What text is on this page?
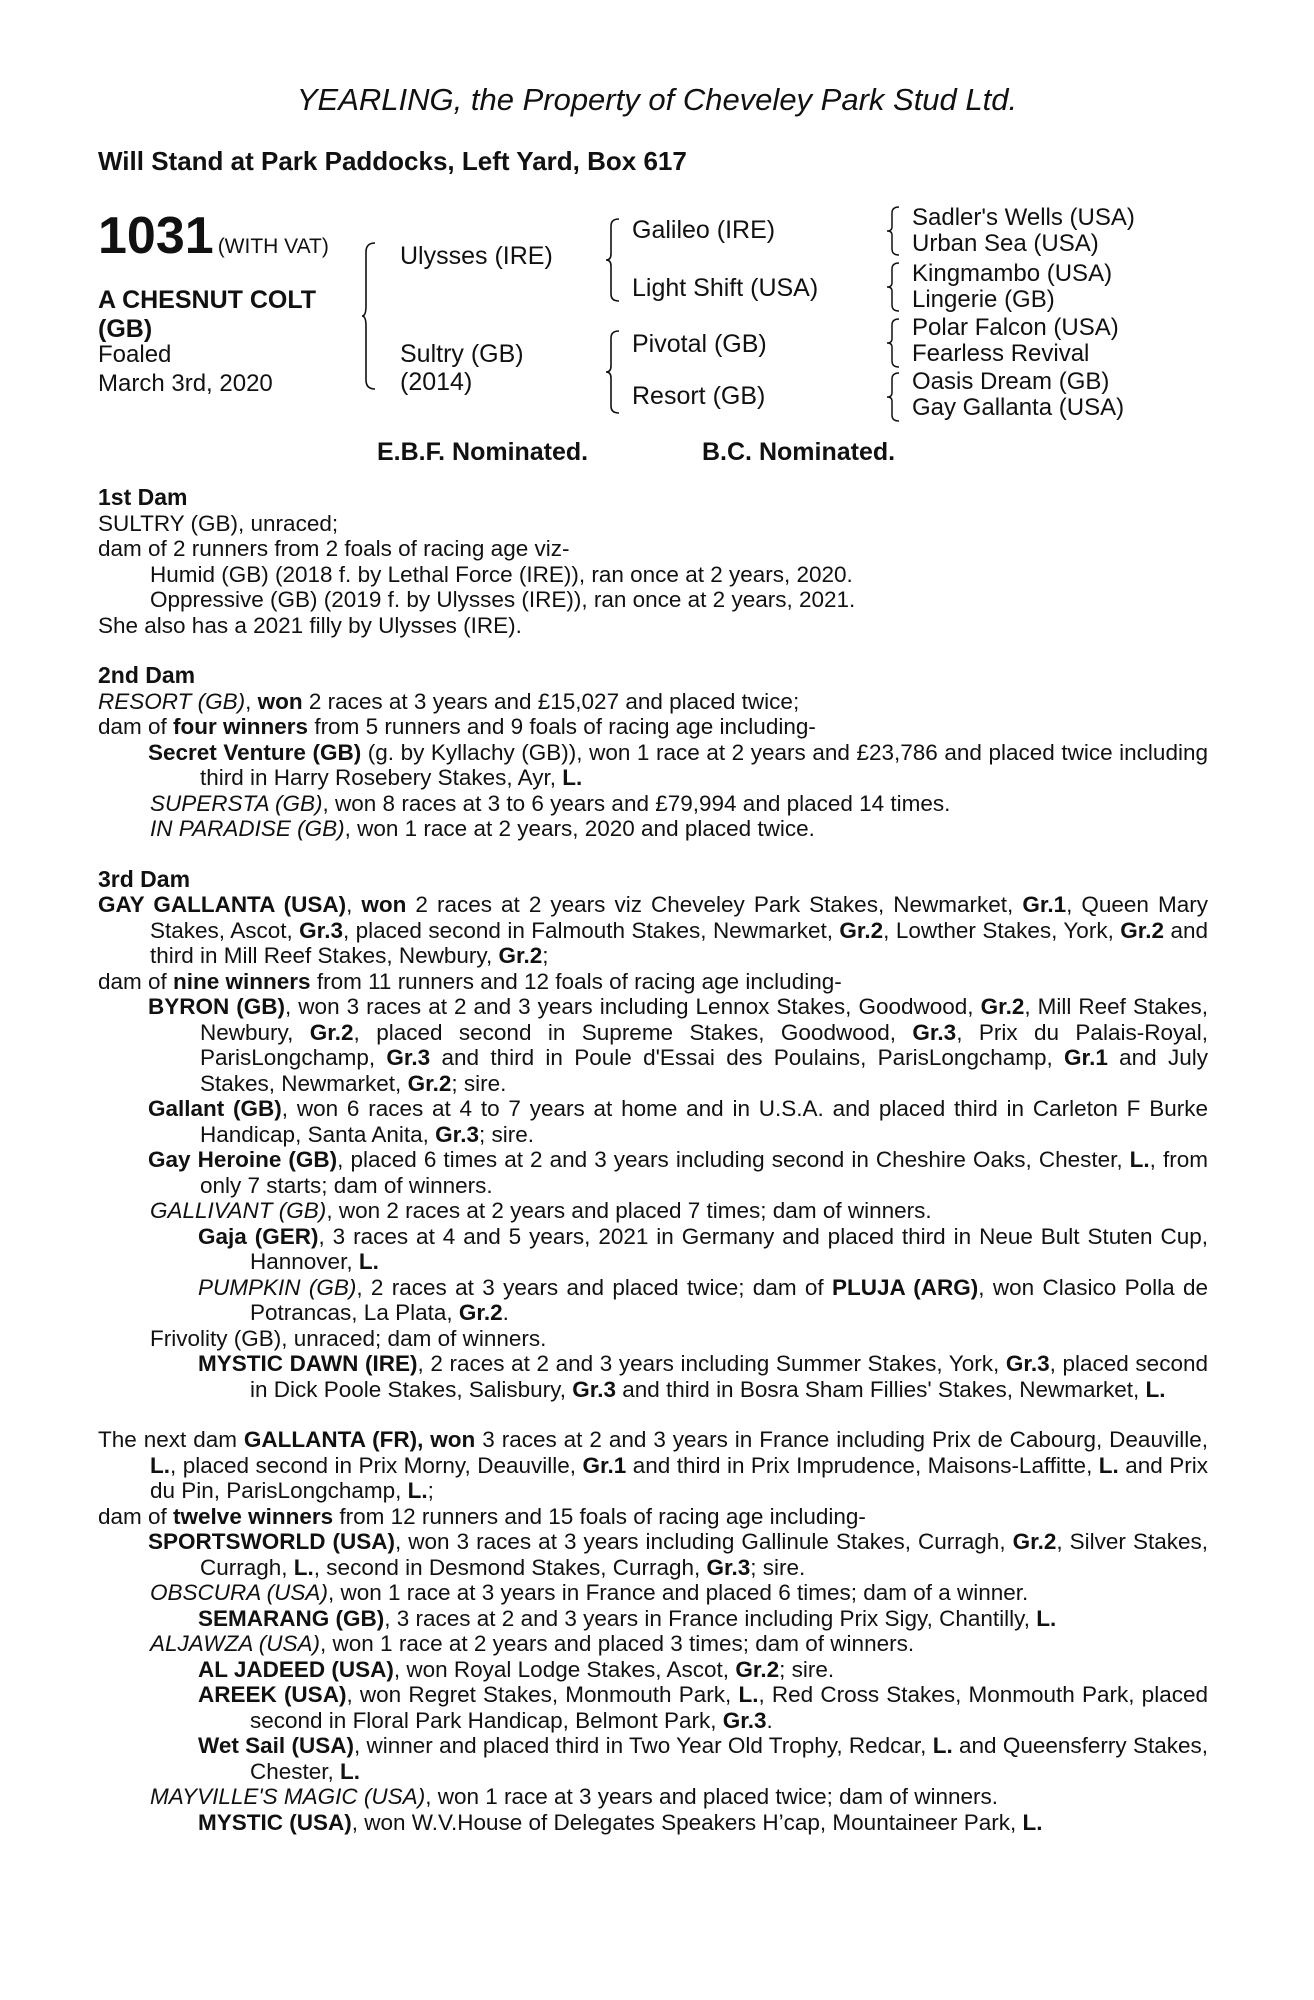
YEARLING, the Property of Cheveley Park Stud Ltd.
Will Stand at Park Paddocks, Left Yard, Box 617
1031 (WITH VAT)
A CHESNUT COLT (GB)
Foaled
March 3rd, 2020
Ulysses (IRE)
Sultry (GB)
(2014)
Galileo (IRE)
Light Shift (USA)
Pivotal (GB)
Resort (GB)
Sadler's Wells (USA)
Urban Sea (USA)
Kingmambo (USA)
Lingerie (GB)
Polar Falcon (USA)
Fearless Revival
Oasis Dream (GB)
Gay Gallanta (USA)
E.B.F. Nominated.	B.C. Nominated.

1st Dam

SULTRY (GB), unraced;

dam of 2 runners from 2 foals of racing age viz-

Humid (GB) (2018 f. by Lethal Force (IRE)), ran once at 2 years, 2020.

Oppressive (GB) (2019 f. by Ulysses (IRE)), ran once at 2 years, 2021.

She also has a 2021 filly by Ulysses (IRE).

2nd Dam

RESORT (GB), won 2 races at 3 years and £15,027 and placed twice;

dam of four winners from 5 runners and 9 foals of racing age including-

Secret Venture (GB) (g. by Kyllachy (GB)), won 1 race at 2 years and £23,786 and placed twice including third in Harry Rosebery Stakes, Ayr, L.

SUPERSTA (GB), won 8 races at 3 to 6 years and £79,994 and placed 14 times.

IN PARADISE (GB), won 1 race at 2 years, 2020 and placed twice.

3rd Dam

GAY GALLANTA (USA), won 2 races at 2 years viz Cheveley Park Stakes, Newmarket, Gr.1, Queen Mary Stakes, Ascot, Gr.3, placed second in Falmouth Stakes, Newmarket, Gr.2, Lowther Stakes, York, Gr.2 and third in Mill Reef Stakes, Newbury, Gr.2;

dam of nine winners from 11 runners and 12 foals of racing age including-

BYRON (GB), won 3 races at 2 and 3 years including Lennox Stakes, Goodwood, Gr.2, Mill Reef Stakes, Newbury, Gr.2, placed second in Supreme Stakes, Goodwood, Gr.3, Prix du Palais-Royal, ParisLongchamp, Gr.3 and third in Poule d'Essai des Poulains, ParisLongchamp, Gr.1 and July Stakes, Newmarket, Gr.2; sire.

Gallant (GB), won 6 races at 4 to 7 years at home and in U.S.A. and placed third in Carleton F Burke Handicap, Santa Anita, Gr.3; sire.

Gay Heroine (GB), placed 6 times at 2 and 3 years including second in Cheshire Oaks, Chester, L., from only 7 starts; dam of winners.

GALLIVANT (GB), won 2 races at 2 years and placed 7 times; dam of winners.

Gaja (GER), 3 races at 4 and 5 years, 2021 in Germany and placed third in Neue Bult Stuten Cup, Hannover, L.

PUMPKIN (GB), 2 races at 3 years and placed twice; dam of PLUJA (ARG), won Clasico Polla de Potrancas, La Plata, Gr.2.

Frivolity (GB), unraced; dam of winners.

MYSTIC DAWN (IRE), 2 races at 2 and 3 years including Summer Stakes, York, Gr.3, placed second in Dick Poole Stakes, Salisbury, Gr.3 and third in Bosra Sham Fillies' Stakes, Newmarket, L.

The next dam GALLANTA (FR), won 3 races at 2 and 3 years in France including Prix de Cabourg, Deauville, L., placed second in Prix Morny, Deauville, Gr.1 and third in Prix Imprudence, Maisons-Laffitte, L. and Prix du Pin, ParisLongchamp, L.;

dam of twelve winners from 12 runners and 15 foals of racing age including-

SPORTSWORLD (USA), won 3 races at 3 years including Gallinule Stakes, Curragh, Gr.2, Silver Stakes, Curragh, L., second in Desmond Stakes, Curragh, Gr.3; sire.

OBSCURA (USA), won 1 race at 3 years in France and placed 6 times; dam of a winner.

SEMARANG (GB), 3 races at 2 and 3 years in France including Prix Sigy, Chantilly, L.

ALJAWZA (USA), won 1 race at 2 years and placed 3 times; dam of winners.

AL JADEED (USA), won Royal Lodge Stakes, Ascot, Gr.2; sire.

AREEK (USA), won Regret Stakes, Monmouth Park, L., Red Cross Stakes, Monmouth Park, placed second in Floral Park Handicap, Belmont Park, Gr.3.

Wet Sail (USA), winner and placed third in Two Year Old Trophy, Redcar, L. and Queensferry Stakes, Chester, L.

MAYVILLE'S MAGIC (USA), won 1 race at 3 years and placed twice; dam of winners.

MYSTIC (USA), won W.V.House of Delegates Speakers H’cap, Mountaineer Park, L.
